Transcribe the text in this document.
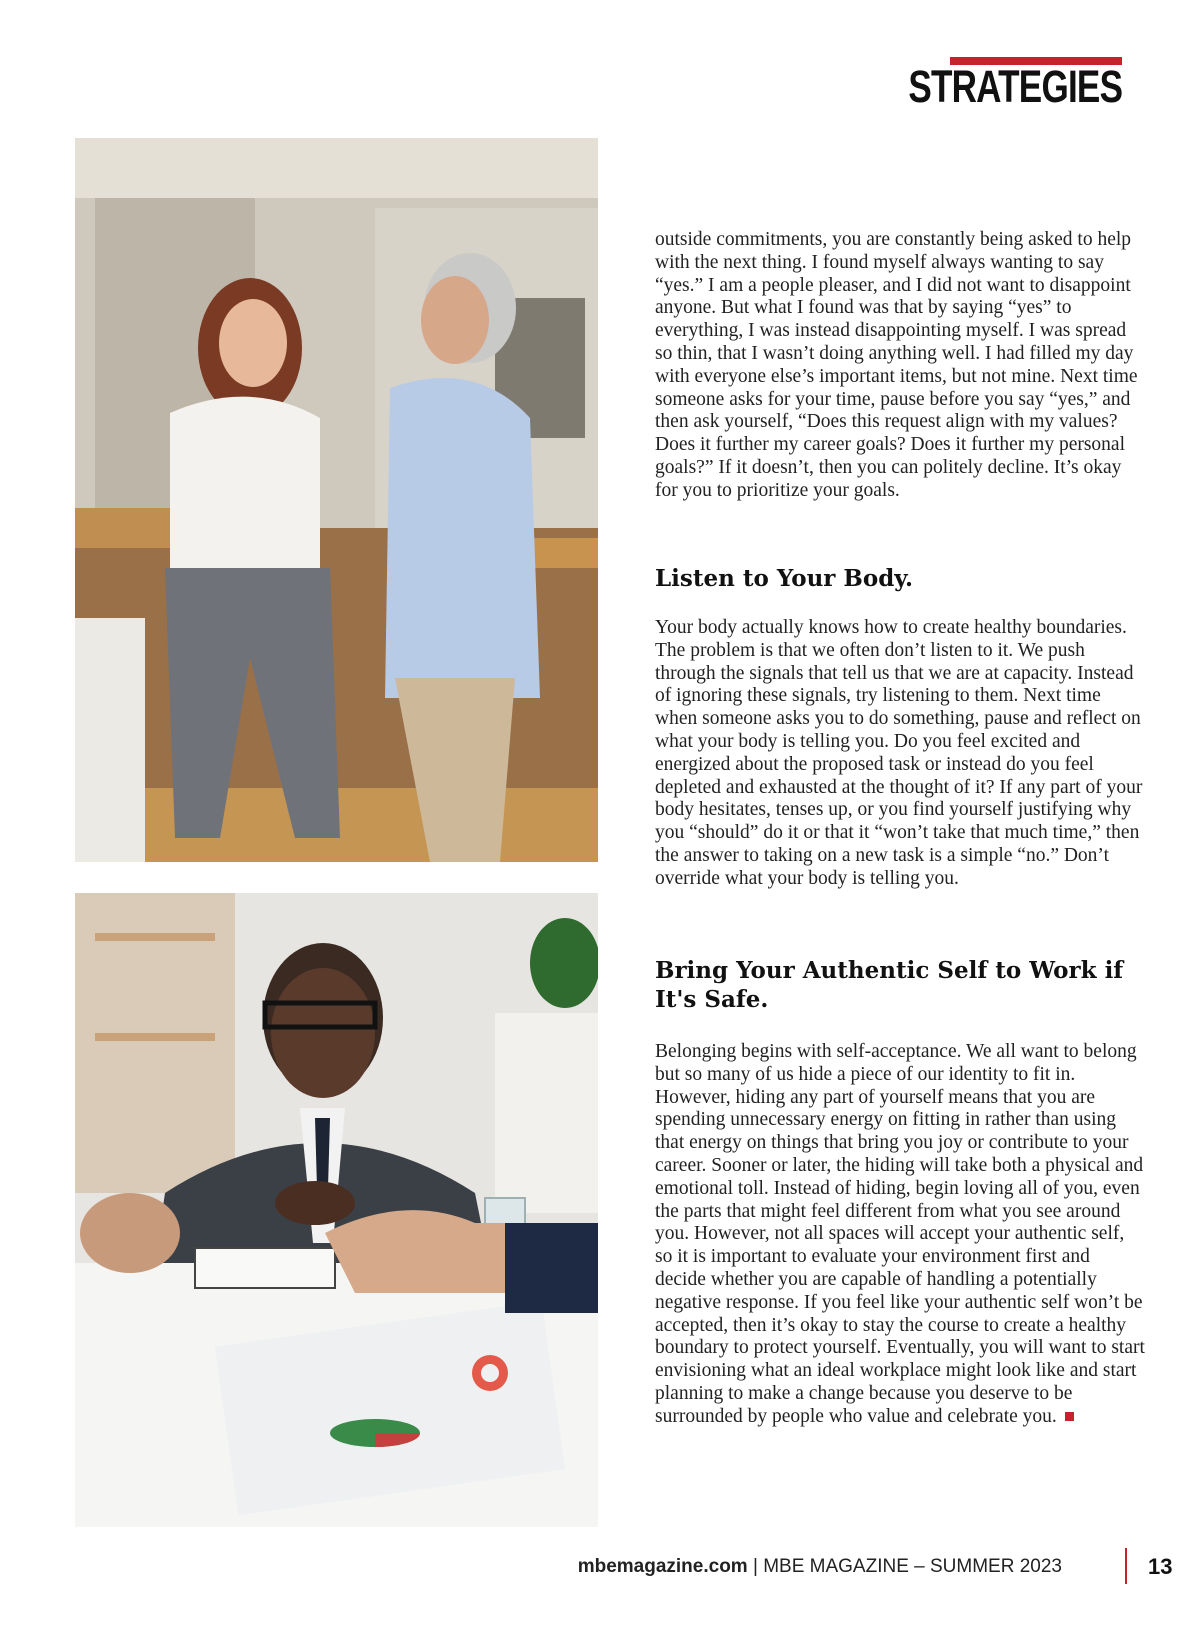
STRATEGIES

outside commitments, you are constantly being asked to help with the next thing. I found myself always wanting to say “yes.” I am a people pleaser, and I did not want to disappoint anyone. But what I found was that by saying “yes” to everything, I was instead disappointing myself. I was spread so thin, that I wasn’t doing anything well. I had filled my day with everyone else’s important items, but not mine. Next time someone asks for your time, pause before you say “yes,” and then ask yourself, “Does this request align with my values? Does it further my career goals? Does it further my personal goals?” If it doesn’t, then you can politely decline. It’s okay for you to prioritize your goals.

Listen to Your Body.

Your body actually knows how to create healthy boundaries. The problem is that we often don’t listen to it. We push through the signals that tell us that we are at capacity. Instead of ignoring these signals, try listening to them. Next time when someone asks you to do something, pause and reflect on what your body is telling you. Do you feel excited and energized about the proposed task or instead do you feel depleted and exhausted at the thought of it? If any part of your body hesitates, tenses up, or you find yourself justifying why you “should” do it or that it “won’t take that much time,” then the answer to taking on a new task is a simple “no.” Don’t override what your body is telling you.

Bring Your Authentic Self to Work if It's Safe.

Belonging begins with self-acceptance. We all want to belong but so many of us hide a piece of our identity to fit in. However, hiding any part of yourself means that you are spending unnecessary energy on fitting in rather than using that energy on things that bring you joy or contribute to your career. Sooner or later, the hiding will take both a physical and emotional toll. Instead of hiding, begin loving all of you, even the parts that might feel different from what you see around you. However, not all spaces will accept your authentic self, so it is important to evaluate your environment first and decide whether you are capable of handling a potentially negative response. If you feel like your authentic self won’t be accepted, then it’s okay to stay the course to create a healthy boundary to protect yourself. Eventually, you will want to start envisioning what an ideal workplace might look like and start planning to make a change because you deserve to be surrounded by people who value and celebrate you.

mbemagazine.com | MBE MAGAZINE – SUMMER 2023	13
